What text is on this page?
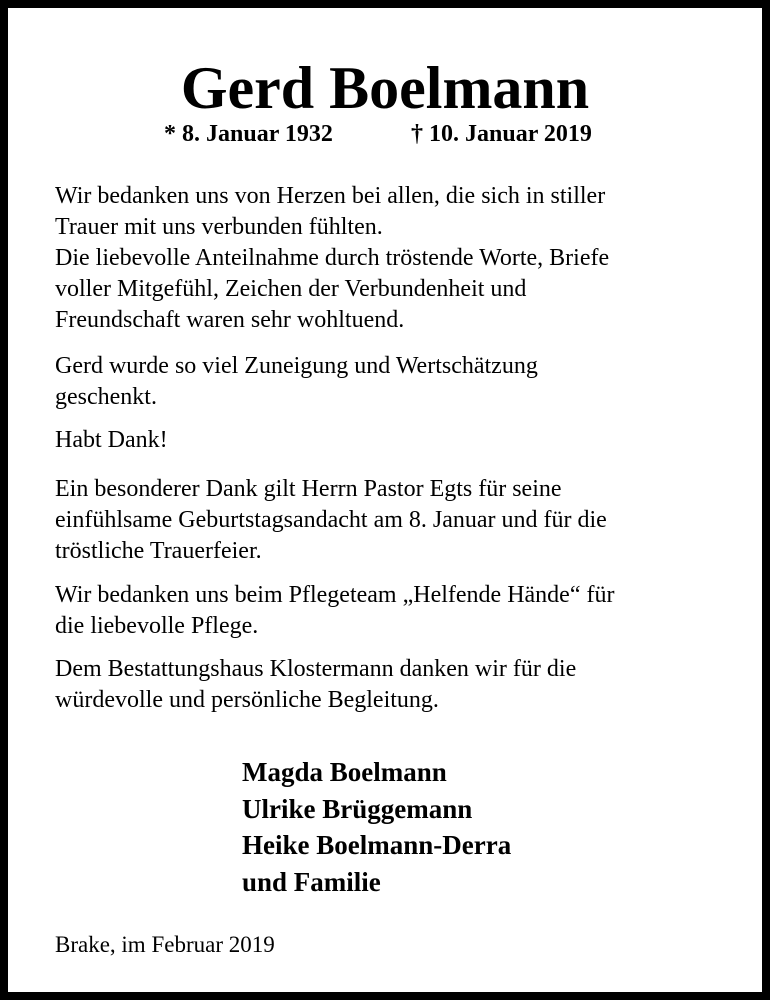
Gerd Boelmann
* 8. Januar 1932	† 10. Januar 2019

Wir bedanken uns von Herzen bei allen, die sich in stiller
Trauer mit uns verbunden fühlten.
Die liebevolle Anteilnahme durch tröstende Worte, Briefe
voller Mitgefühl, Zeichen der Verbundenheit und
Freundschaft waren sehr wohltuend.

Gerd wurde so viel Zuneigung und Wertschätzung
geschenkt.

Habt Dank!

Ein besonderer Dank gilt Herrn Pastor Egts für seine
einfühlsame Geburtstagsandacht am 8. Januar und für die
tröstliche Trauerfeier.

Wir bedanken uns beim Pflegeteam „Helfende Hände“ für
die liebevolle Pflege.

Dem Bestattungshaus Klostermann danken wir für die
würdevolle und persönliche Begleitung.

Magda Boelmann
Ulrike Brüggemann
Heike Boelmann-Derra
und Familie
Brake, im Februar 2019
